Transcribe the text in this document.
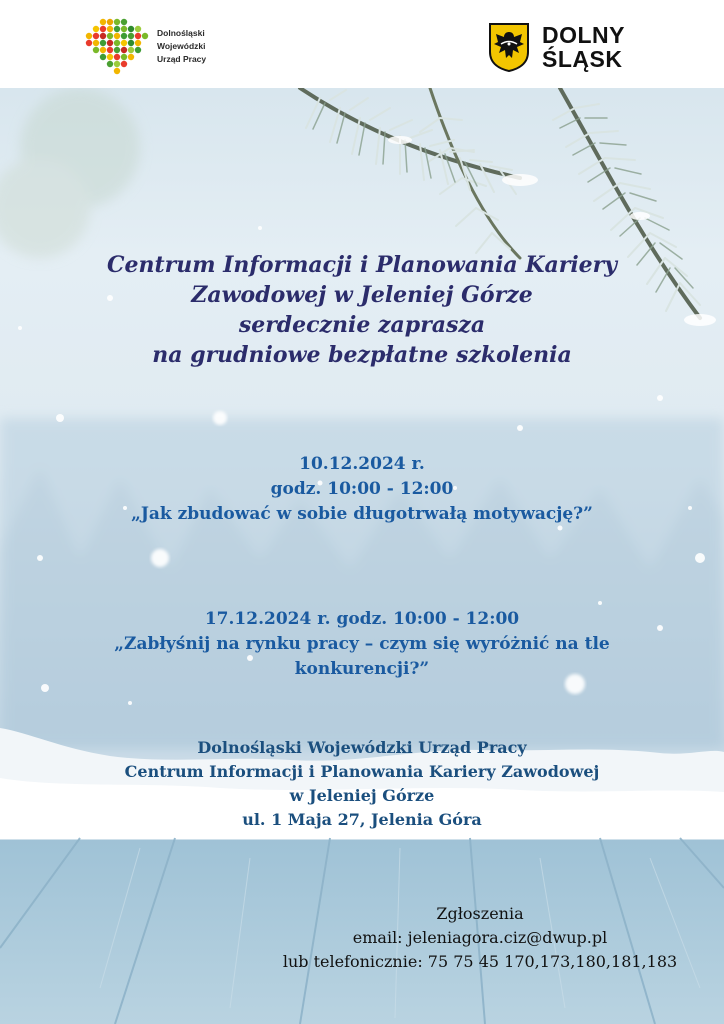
Dolnośląski
Wojewódzki
Urząd Pracy
DOLNY
ŚLĄSK
Centrum Informacji i Planowania Kariery
Zawodowej w Jeleniej Górze
serdecznie zaprasza
na grudniowe bezpłatne szkolenia
10.12.2024 r.
godz. 10:00 - 12:00
„Jak zbudować w sobie długotrwałą motywację?”
17.12.2024 r. godz. 10:00 - 12:00
„Zabłyśnij na rynku pracy – czym się wyróżnić na tle
konkurencji?”
Dolnośląski Wojewódzki Urząd Pracy
Centrum Informacji i Planowania Kariery Zawodowej
w Jeleniej Górze
ul. 1 Maja 27, Jelenia Góra
Zgłoszenia
email: jeleniagora.ciz@dwup.pl
lub telefonicznie: 75 75 45 170,173,180,181,183
